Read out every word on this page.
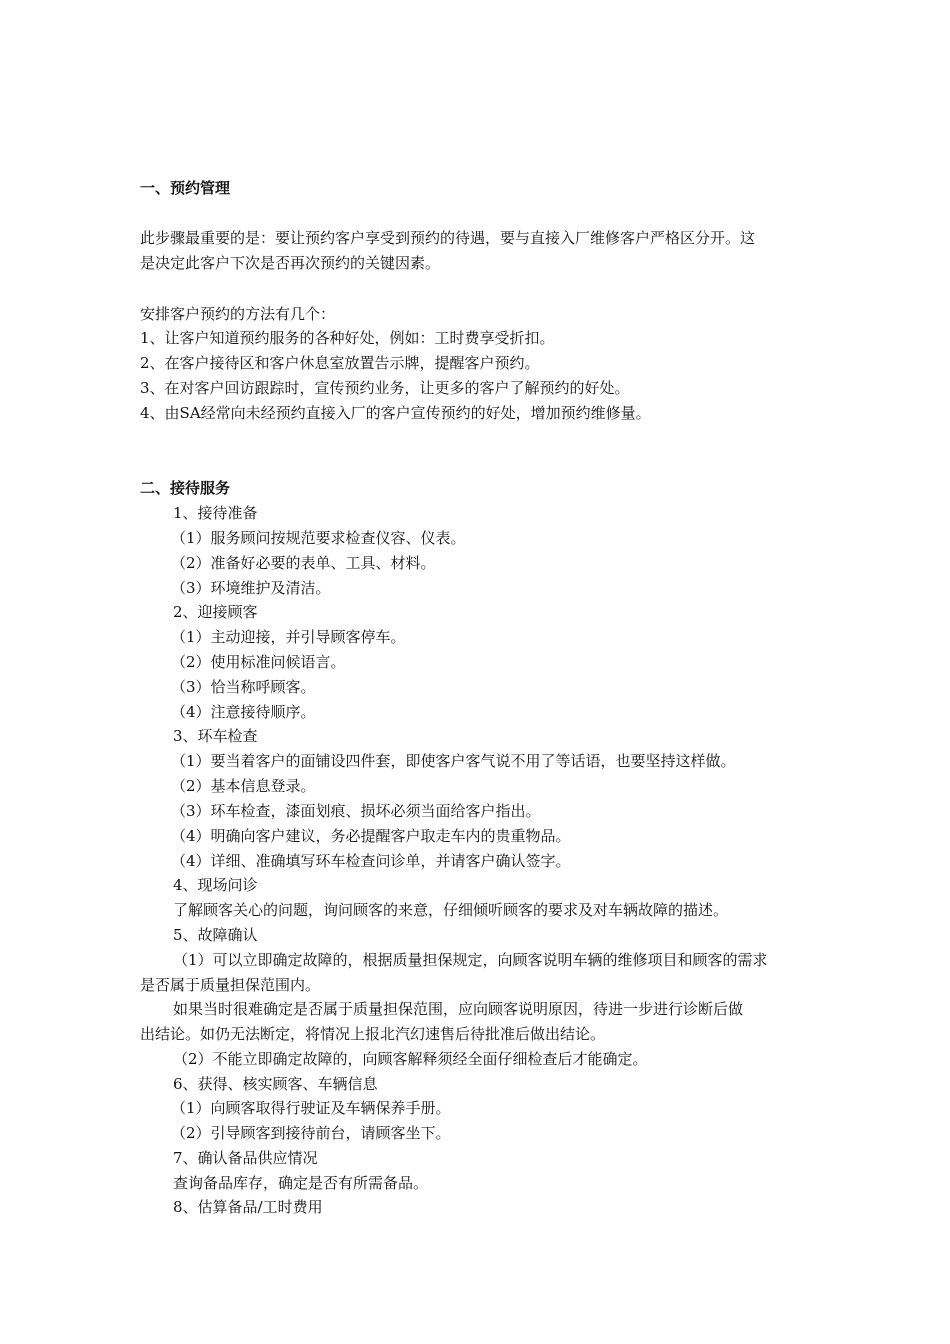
一、预约管理
此步骤最重要的是：要让预约客户享受到预约的待遇，要与直接入厂维修客户严格区分开。这
是决定此客户下次是否再次预约的关键因素。
安排客户预约的方法有几个：
1、让客户知道预约服务的各种好处，例如：工时费享受折扣。
2、在客户接待区和客户休息室放置告示牌，提醒客户预约。
3、在对客户回访跟踪时，宣传预约业务，让更多的客户了解预约的好处。
4、由SA经常向未经预约直接入厂的客户宣传预约的好处，增加预约维修量。
二、接待服务
1、接待准备
（1）服务顾问按规范要求检查仪容、仪表。
（2）准备好必要的表单、工具、材料。
（3）环境维护及清洁。
2、迎接顾客
（1）主动迎接，并引导顾客停车。
（2）使用标准问候语言。
（3）恰当称呼顾客。
（4）注意接待顺序。
3、环车检查
（1）要当着客户的面铺设四件套，即使客户客气说不用了等话语，也要坚持这样做。
（2）基本信息登录。
（3）环车检查，漆面划痕、损坏必须当面给客户指出。
（4）明确向客户建议，务必提醒客户取走车内的贵重物品。
（4）详细、准确填写环车检查问诊单，并请客户确认签字。
4、现场问诊
了解顾客关心的问题，询问顾客的来意，仔细倾听顾客的要求及对车辆故障的描述。
5、故障确认
（1）可以立即确定故障的，根据质量担保规定，向顾客说明车辆的维修项目和顾客的需求
是否属于质量担保范围内。
如果当时很难确定是否属于质量担保范围，应向顾客说明原因，待进一步进行诊断后做
出结论。如仍无法断定，将情况上报北汽幻速售后待批准后做出结论。
（2）不能立即确定故障的，向顾客解释须经全面仔细检查后才能确定。
6、获得、核实顾客、车辆信息
（1）向顾客取得行驶证及车辆保养手册。
（2）引导顾客到接待前台，请顾客坐下。
7、确认备品供应情况
查询备品库存，确定是否有所需备品。
8、估算备品/工时费用
